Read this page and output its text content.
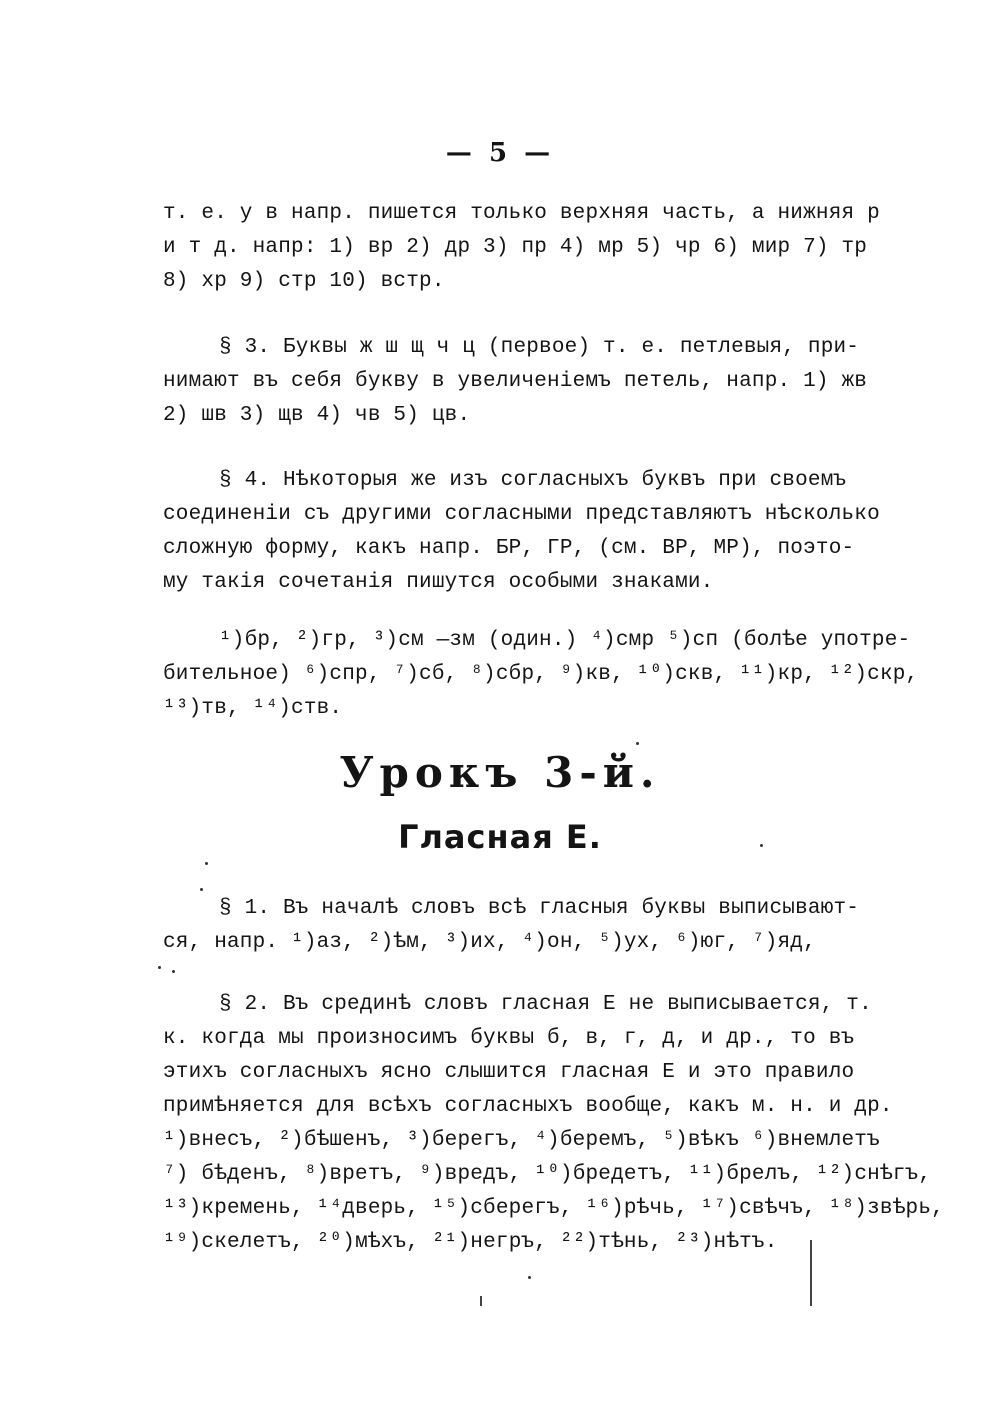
— 5 —
т. е. у в напр. пишется только верхняя часть, а нижняя р
и т д. напр: 1) вр 2) др 3) пр 4) мр 5) чр 6) мир 7) тр
8) хр 9) стр 10) встр.
§ 3. Буквы ж ш щ ч ц (первое) т. е. петлевыя, при-
нимают въ себя букву в увеличенiемъ петель, напр. 1) жв
2) шв 3) щв 4) чв 5) цв.
§ 4. Нѣкоторыя же изъ согласныхъ буквъ при своемъ
соединенiи съ другими согласными представляютъ нѣсколько
сложную форму, какъ напр. БР, ГР, (см. ВР, МР), поэто-
му такiя сочетанiя пишутся особыми знаками.
¹)бр, ²)гр, ³)см —зм (один.) ⁴)смр ⁵)сп (болѣе употре-
бительное) ⁶)спр, ⁷)сб, ⁸)сбр, ⁹)кв, ¹⁰)скв, ¹¹)кр, ¹²)скр,
¹³)тв, ¹⁴)ств.
Урокъ 3-й.
Гласная Е.
§ 1. Въ началѣ словъ всѣ гласныя буквы выписывают-
ся, напр. ¹)аз, ²)ѣм, ³)их, ⁴)он, ⁵)ух, ⁶)юг, ⁷)яд,
§ 2. Въ срединѣ словъ гласная Е не выписывается, т.
к. когда мы произносимъ буквы б, в, г, д, и др., то въ
этихъ согласныхъ ясно слышится гласная Е и это правило
примѣняется для всѣхъ согласныхъ вообще, какъ м. н. и др.
¹)внесъ, ²)бѣшенъ, ³)берегъ, ⁴)беремъ, ⁵)вѣкъ ⁶)внемлетъ
⁷) бѣденъ, ⁸)вретъ, ⁹)вредъ, ¹⁰)бредетъ, ¹¹)брелъ, ¹²)снѣгъ,
¹³)кремень, ¹⁴дверь, ¹⁵)сберегъ, ¹⁶)рѣчь, ¹⁷)свѣчъ, ¹⁸)звѣрь,
¹⁹)скелетъ, ²⁰)мѣхъ, ²¹)негръ, ²²)тѣнь, ²³)нѣтъ.
